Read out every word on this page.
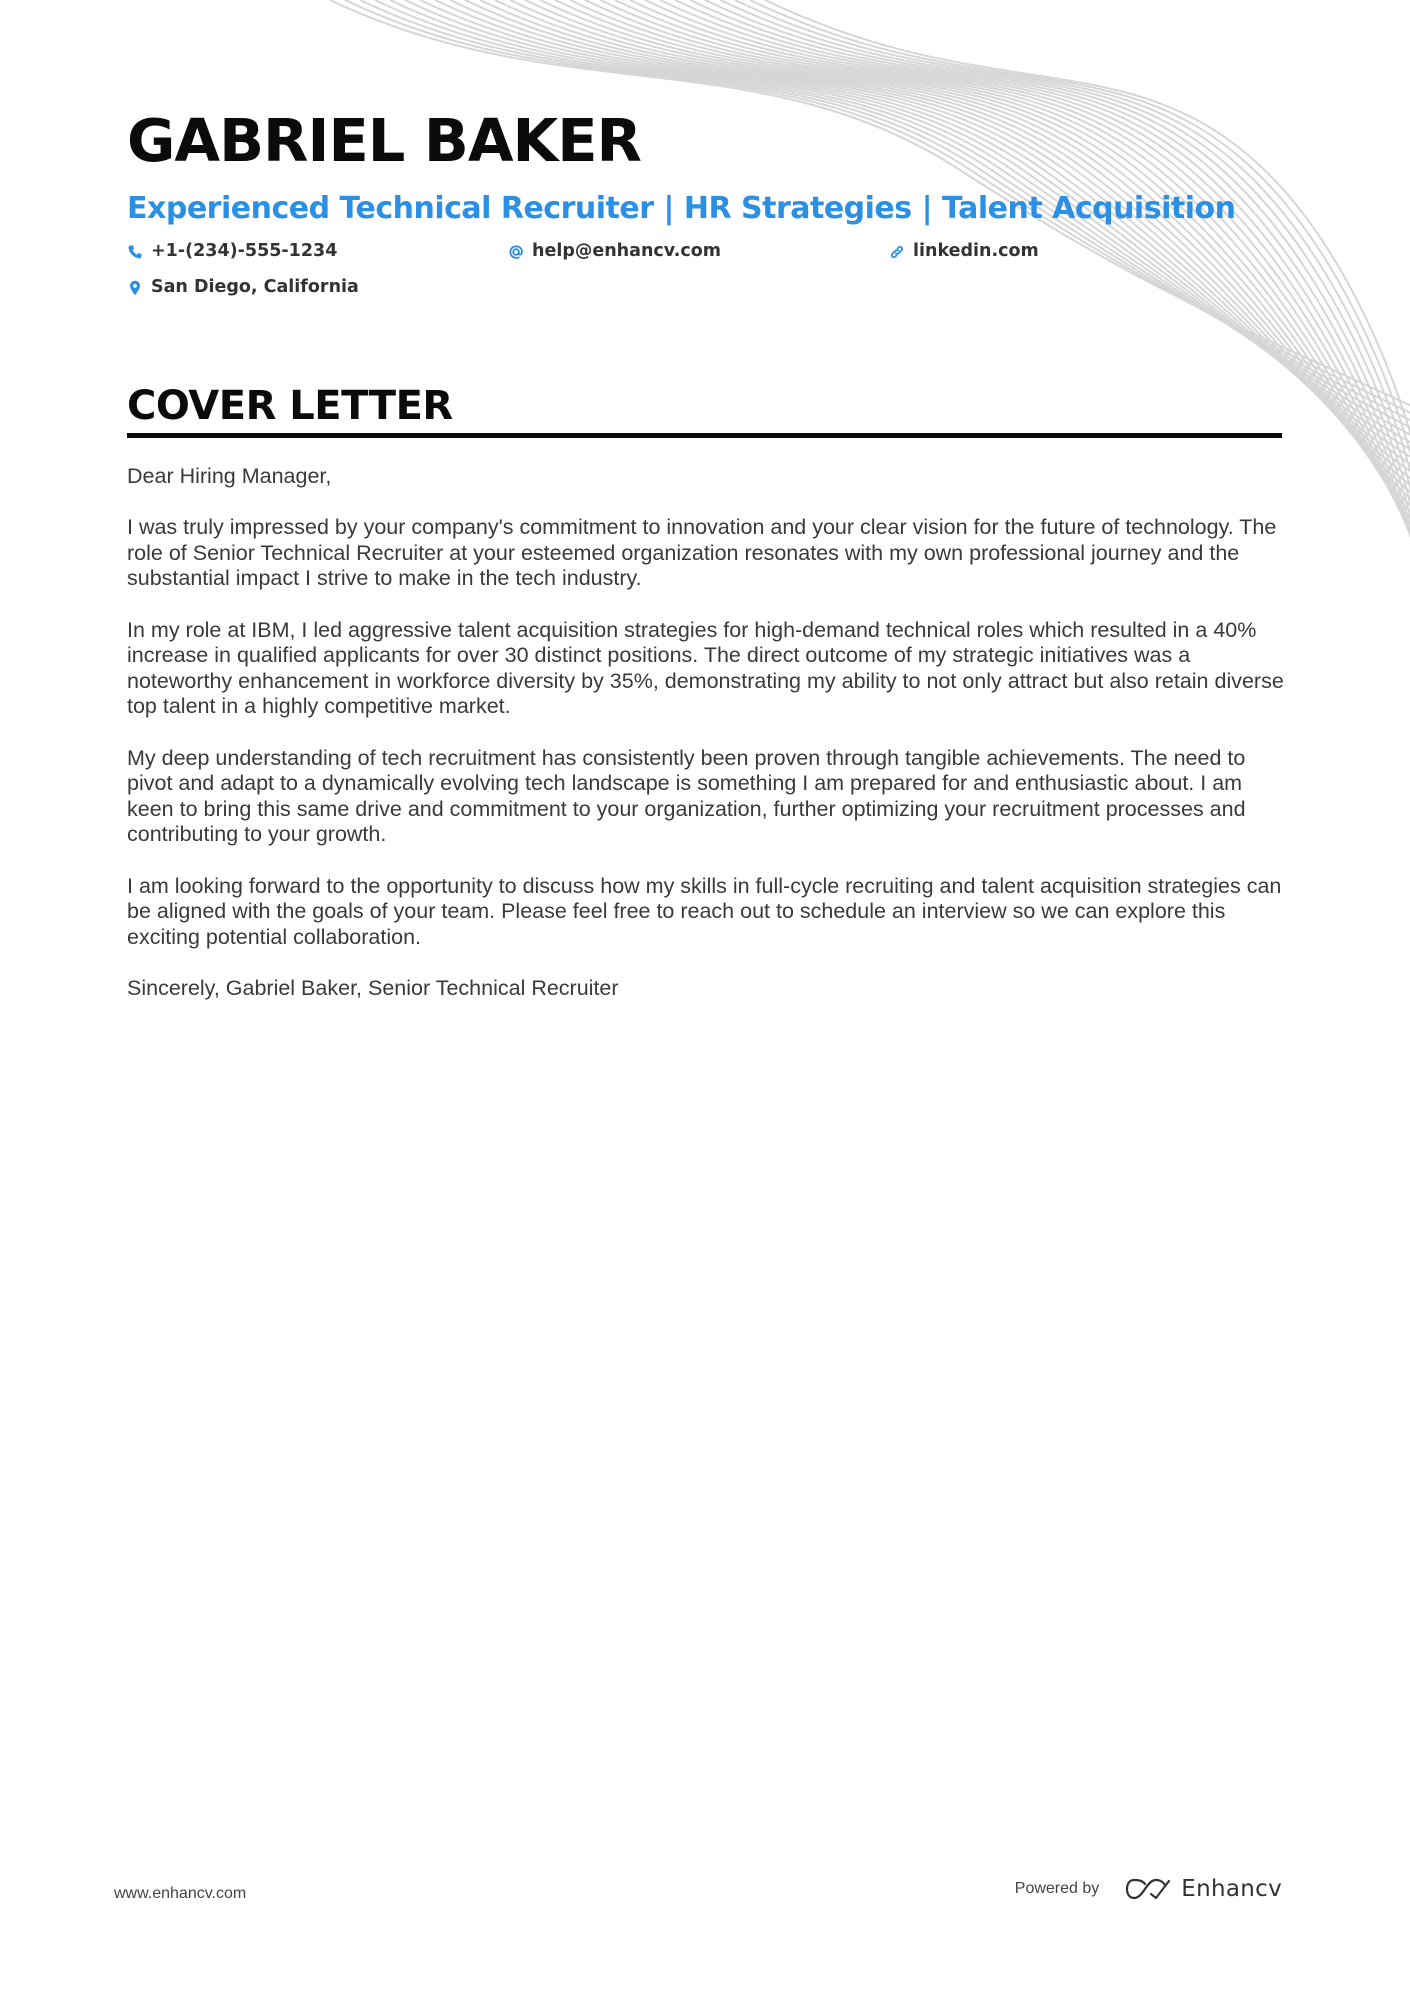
GABRIEL BAKER
Experienced Technical Recruiter | HR Strategies | Talent Acquisition
+1-(234)-555-1234	help@enhancv.com	linkedin.com
San Diego, California
COVER LETTER

Dear Hiring Manager,

I was truly impressed by your company's commitment to innovation and your clear vision for the future of technology. The role of Senior Technical Recruiter at your esteemed organization resonates with my own professional journey and the substantial impact I strive to make in the tech industry.

In my role at IBM, I led aggressive talent acquisition strategies for high-demand technical roles which resulted in a 40% increase in qualified applicants for over 30 distinct positions. The direct outcome of my strategic initiatives was a noteworthy enhancement in workforce diversity by 35%, demonstrating my ability to not only attract but also retain diverse top talent in a highly competitive market.

My deep understanding of tech recruitment has consistently been proven through tangible achievements. The need to pivot and adapt to a dynamically evolving tech landscape is something I am prepared for and enthusiastic about. I am keen to bring this same drive and commitment to your organization, further optimizing your recruitment processes and contributing to your growth.

I am looking forward to the opportunity to discuss how my skills in full-cycle recruiting and talent acquisition strategies can be aligned with the goals of your team. Please feel free to reach out to schedule an interview so we can explore this exciting potential collaboration.

Sincerely, Gabriel Baker, Senior Technical Recruiter

www.enhancv.com	Powered by	Enhancv
